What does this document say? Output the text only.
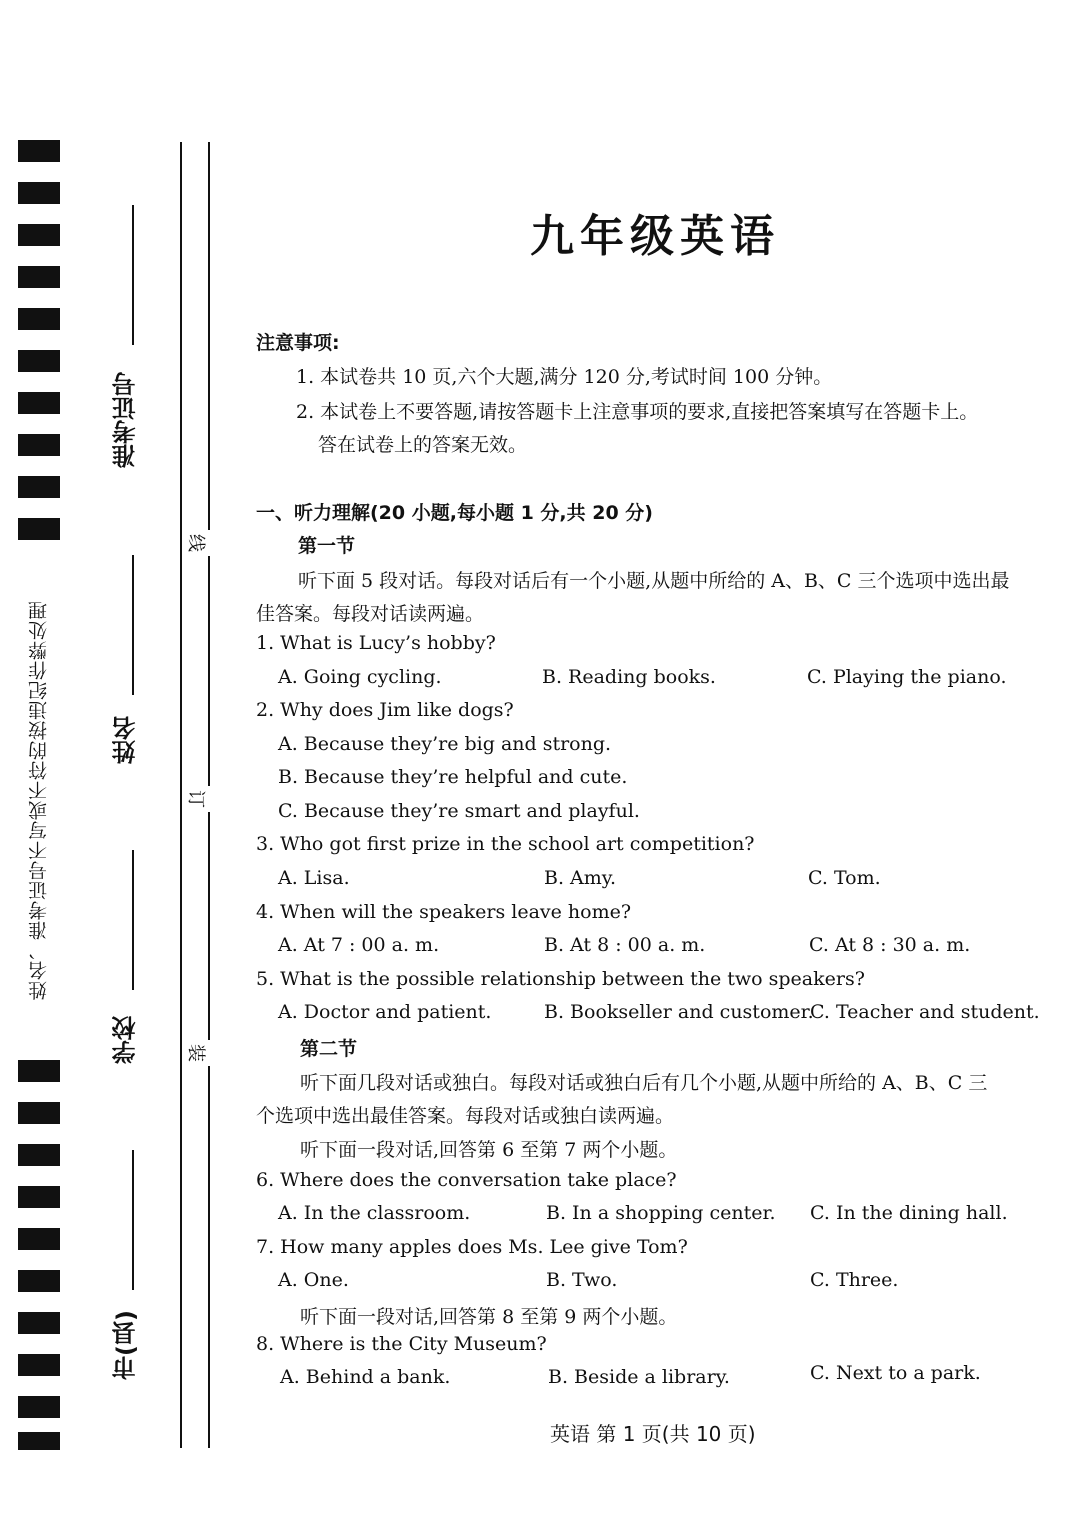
姓名、准考证号不写或不符的按违纪作弊处理
准考证号
姓名
学校
市(县)
线
订
装
九年级英语
注意事项:
1. 本试卷共 10 页,六个大题,满分 120 分,考试时间 100 分钟。
2. 本试卷上不要答题,请按答题卡上注意事项的要求,直接把答案填写在答题卡上。
答在试卷上的答案无效。
一、听力理解(20 小题,每小题 1 分,共 20 分)
第一节
听下面 5 段对话。每段对话后有一个小题,从题中所给的 A、B、C 三个选项中选出最
佳答案。每段对话读两遍。
1. What is Lucy’s hobby?
A. Going cycling.	B. Reading books.	C. Playing the piano.
2. Why does Jim like dogs?
A. Because they’re big and strong.
B. Because they’re helpful and cute.
C. Because they’re smart and playful.
3. Who got first prize in the school art competition?
A. Lisa.	B. Amy.	C. Tom.
4. When will the speakers leave home?
A. At 7 : 00 a. m.	B. At 8 : 00 a. m.	C. At 8 : 30 a. m.
5. What is the possible relationship between the two speakers?
A. Doctor and patient.	B. Bookseller and customer.
C. Teacher and student.
第二节
听下面几段对话或独白。每段对话或独白后有几个小题,从题中所给的 A、B、C 三
个选项中选出最佳答案。每段对话或独白读两遍。
听下面一段对话,回答第 6 至第 7 两个小题。
6. Where does the conversation take place?
A. In the classroom.	B. In a shopping center. C. In the dining hall.
7. How many apples does Ms. Lee give Tom?
A. One.	B. Two.	C. Three.
听下面一段对话,回答第 8 至第 9 两个小题。
8. Where is the City Museum?
A. Behind a bank.	B. Beside a library.	C. Next to a park.
英语 第 1 页(共 10 页)
